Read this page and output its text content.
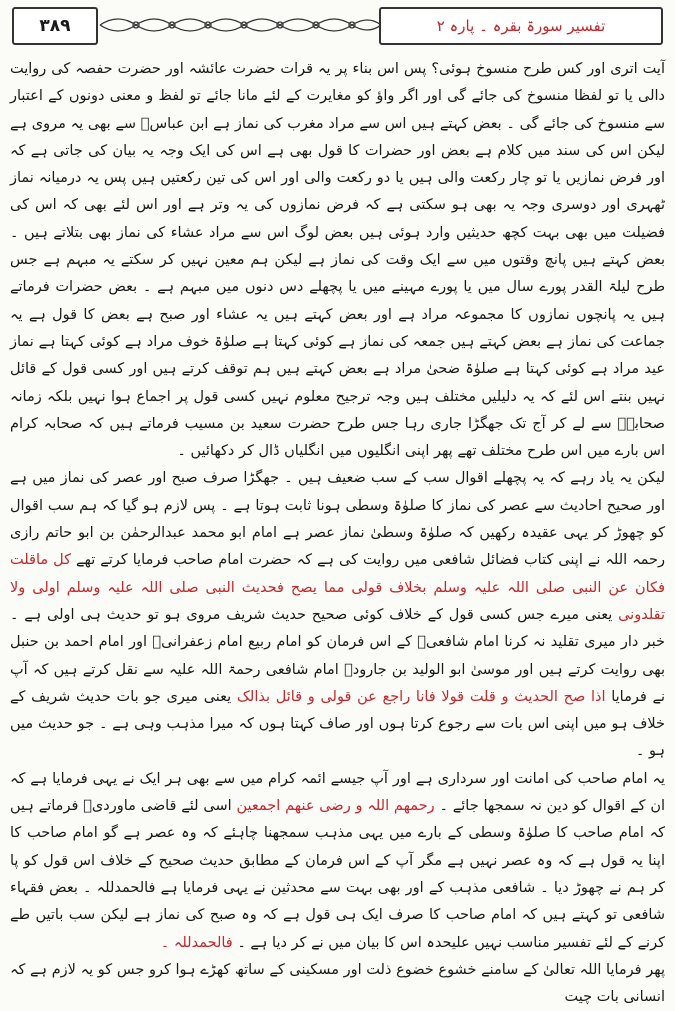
۳۸۹	تفسیر سورۃ بقرہ ۔ پارہ ۲

آیت اتری اور کس طرح منسوخ ہوئی؟ پس اس بناء پر یہ قرات حضرت عائشہ اور حضرت حفصہ کی روایت دالی یا تو لفظا منسوخ کی جائے گی اور اگر واؤ کو مغایرت کے لئے مانا جائے تو لفظ و معنی دونوں کے اعتبار سے منسوخ کی جائے گی ۔ بعض کہتے ہیں اس سے مراد مغرب کی نماز ہے ابن عباسؓ سے بھی یہ مروی ہے لیکن اس کی سند میں کلام ہے بعض اور حضرات کا قول بھی ہے اس کی ایک وجہ یہ بیان کی جاتی ہے کہ اور فرض نمازیں یا تو چار رکعت والی ہیں یا دو رکعت والی اور اس کی تین رکعتیں ہیں پس یہ درمیانہ نماز ٹھہری اور دوسری وجہ یہ بھی ہو سکتی ہے کہ فرض نمازوں کی یہ وتر ہے اور اس لئے بھی کہ اس کی فضیلت میں بھی بہت کچھ حدیثیں وارد ہوئی ہیں بعض لوگ اس سے مراد عشاء کی نماز بھی بتلاتے ہیں ۔ بعض کہتے ہیں پانچ وقتوں میں سے ایک وقت کی نماز ہے لیکن ہم معین نہیں کر سکتے یہ مبہم ہے جس طرح لیلۃ القدر پورے سال میں یا پورے مہینے میں یا پچھلے دس دنوں میں مبہم ہے ۔ بعض حضرات فرماتے ہیں یہ پانچوں نمازوں کا مجموعہ مراد ہے اور بعض کہتے ہیں یہ عشاء اور صبح ہے بعض کا قول ہے یہ جماعت کی نماز ہے بعض کہتے ہیں جمعہ کی نماز ہے کوئی کہتا ہے صلوٰۃ خوف مراد ہے کوئی کہتا ہے نماز عید مراد ہے کوئی کہتا ہے صلوٰۃ ضحیٰ مراد ہے بعض کہتے ہیں ہم توقف کرتے ہیں اور کسی قول کے قائل نہیں بنتے اس لئے کہ یہ دلیلیں مختلف ہیں وجہ ترجیح معلوم نہیں کسی قول پر اجماع ہوا نہیں بلکہ زمانہ صحابہؓ سے لے کر آج تک جھگڑا جاری رہا جس طرح حضرت سعید بن مسیب فرماتے ہیں کہ صحابہ کرام اس بارے میں اس طرح مختلف تھے پھر اپنی انگلیوں میں انگلیاں ڈال کر دکھائیں ۔

لیکن یہ یاد رہے کہ یہ پچھلے اقوال سب کے سب ضعیف ہیں ۔ جھگڑا صرف صبح اور عصر کی نماز میں ہے اور صحیح احادیث سے عصر کی نماز کا صلوٰۃ وسطی ہونا ثابت ہوتا ہے ۔ پس لازم ہو گیا کہ ہم سب اقوال کو چھوڑ کر یہی عقیدہ رکھیں کہ صلوٰۃ وسطیٰ نماز عصر ہے امام ابو محمد عبدالرحمٰن بن ابو حاتم رازی رحمہ اللہ نے اپنی کتاب فضائل شافعی میں روایت کی ہے کہ حضرت امام صاحب فرمایا کرتے تھے کل ماقلت فکان عن النبی صلی اللہ علیہ وسلم بخلاف قولی مما یصح فحدیث النبی صلی اللہ علیہ وسلم اولی ولا تقلدونی یعنی میرے جس کسی قول کے خلاف کوئی صحیح حدیث شریف مروی ہو تو حدیث ہی اولی ہے ۔ خبر دار میری تقلید نہ کرنا امام شافعیؒ کے اس فرمان کو امام ربیع امام زعفرانیؒ اور امام احمد بن حنبل بھی روایت کرتے ہیں اور موسیٰ ابو الولید بن جارودؒ امام شافعی رحمۃ اللہ علیہ سے نقل کرتے ہیں کہ آپ نے فرمایا اذا صح الحدیث و قلت قولا فانا راجع عن قولی و قائل بذالک یعنی میری جو بات حدیث شریف کے خلاف ہو میں اپنی اس بات سے رجوع کرتا ہوں اور صاف کہتا ہوں کہ میرا مذہب وہی ہے ۔ جو حدیث میں ہو ۔

یہ امام صاحب کی امانت اور سرداری ہے اور آپ جیسے ائمہ کرام میں سے بھی ہر ایک نے یہی فرمایا ہے کہ ان کے اقوال کو دین نہ سمجھا جائے ۔ رحمھم اللہ و رضی عنھم اجمعین اسی لئے قاضی ماوردیؒ فرماتے ہیں کہ امام صاحب کا صلوٰۃ وسطی کے بارے میں یہی مذہب سمجھنا چاہئے کہ وہ عصر ہے گو امام صاحب کا اپنا یہ قول ہے کہ وہ عصر نہیں ہے مگر آپ کے اس فرمان کے مطابق حدیث صحیح کے خلاف اس قول کو پا کر ہم نے چھوڑ دیا ۔ شافعی مذہب کے اور بھی بہت سے محدثین نے یہی فرمایا ہے فالحمدللہ ۔ بعض فقہاء شافعی تو کہتے ہیں کہ امام صاحب کا صرف ایک ہی قول ہے کہ وہ صبح کی نماز ہے لیکن سب باتیں طے کرنے کے لئے تفسیر مناسب نہیں علیحدہ اس کا بیان میں نے کر دیا ہے ۔ فالحمدللہ ۔

پھر فرمایا اللہ تعالیٰ کے سامنے خشوع خضوع ذلت اور مسکینی کے ساتھ کھڑے ہوا کرو جس کو یہ لازم ہے کہ انسانی بات چیت
